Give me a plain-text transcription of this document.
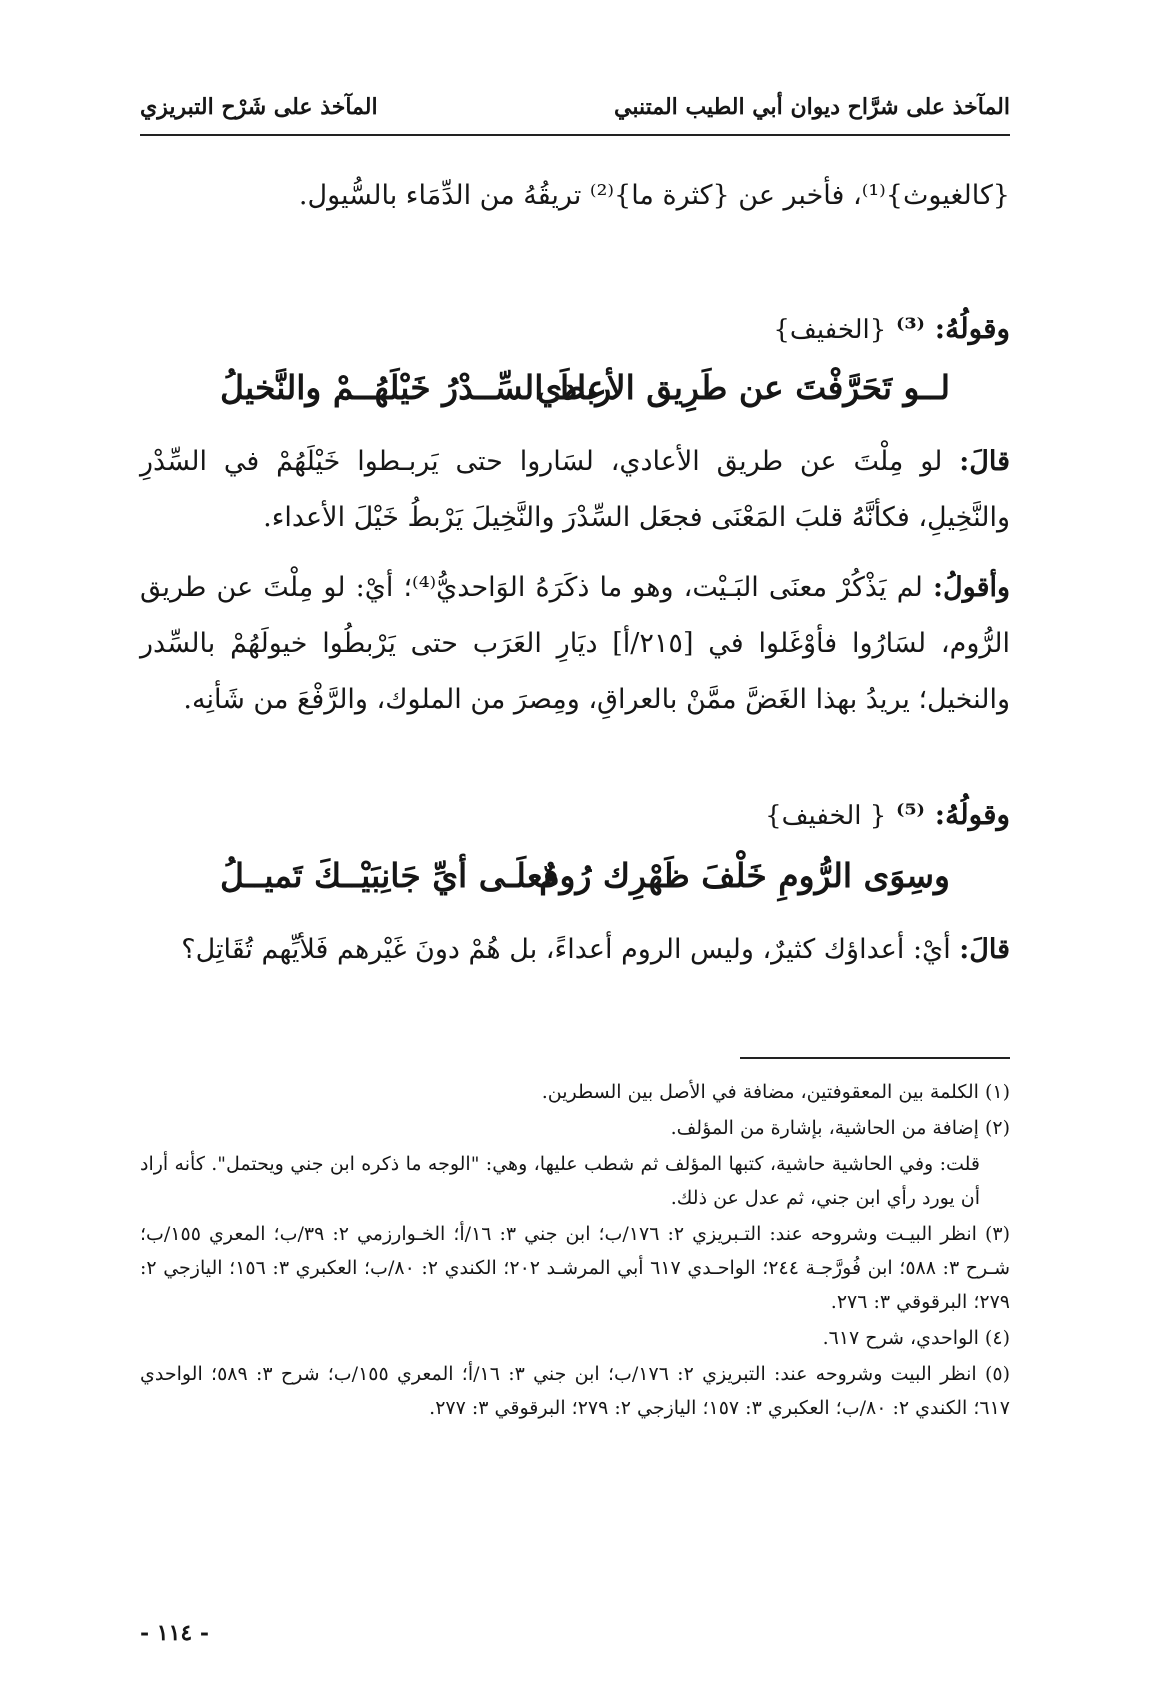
المآخذ على شرَّاح ديوان أبي الطيب المتنبي
المآخذ على شَرْح التبريزي
{كالغيوث}⁽¹⁾، فأخبر عن {كثرة ما}⁽²⁾ تريقُهُ من الدِّمَاء بالسُّيول.
وقولُهُ: ⁽³⁾ {الخفيف}
لــو تَحَرَّفْتَ عن طَرِيق الأعادي
ربطَ السِّــدْرُ خَيْلَهُــمْ والنَّخيلُ
قالَ: لو مِلْتَ عن طريق الأعادي، لسَاروا حتى يَربـطوا خَيْلَهُمْ في السِّدْرِ والنَّخِيلِ، فكأنَّهُ قلبَ المَعْنَى فجعَل السِّدْرَ والنَّخِيلَ يَرْبطُ خَيْلَ الأعداء.
وأقولُ: لم يَذْكُرْ معنَى البَـيْت، وهو ما ذكَرَهُ الوَاحديُّ⁽⁴⁾؛ أيْ: لو مِلْتَ عن طريق الرُّوم، لسَارُوا فأوْغَلوا في [٢١٥/أ] ديَارِ العَرَب حتى يَرْبطُوا خيولَهُمْ بالسِّدر والنخيل؛ يريدُ بهذا الغَضَّ ممَّنْ بالعراقِ، ومِصرَ من الملوك، والرَّفْعَ من شَأنِه.
وقولُهُ: ⁽⁵⁾ { الخفيف}
وسِوَى الرُّومِ خَلْفَ ظَهْرِك رُومٌ
فعلَـى أيِّ جَانِبَيْــكَ تَميــلُ
قالَ: أيْ: أعداؤك كثيرٌ، وليس الروم أعداءً، بل هُمْ دونَ غَيْرهم فَلأيِّهم تُقَاتِل؟

(١) الكلمة بين المعقوفتين، مضافة في الأصل بين السطرين.

(٢) إضافة من الحاشية، بإشارة من المؤلف.

قلت: وفي الحاشية حاشية، كتبها المؤلف ثم شطب عليها، وهي: "الوجه ما ذكره ابن جني ويحتمل". كأنه أراد أن يورد رأي ابن جني، ثم عدل عن ذلك.

(٣) انظر البيـت وشروحه عند: التـبريزي ٢: ١٧٦/ب؛ ابن جني ٣: ١٦/أ؛ الخـوارزمي ٢: ٣٩/ب؛ المعري ١٥٥/ب؛ شـرح ٣: ٥٨٨؛ ابن فُورَّجـة ٢٤٤؛ الواحـدي ٦١٧ أبي المرشـد ٢٠٢؛ الكندي ٢: ٨٠/ب؛ العكبري ٣: ١٥٦؛ اليازجي ٢: ٢٧٩؛ البرقوقي ٣: ٢٧٦.

(٤) الواحدي، شرح ٦١٧.

(٥) انظر البيت وشروحه عند: التبريزي ٢: ١٧٦/ب؛ ابن جني ٣: ١٦/أ؛ المعري ١٥٥/ب؛ شرح ٣: ٥٨٩؛ الواحدي ٦١٧؛ الكندي ٢: ٨٠/ب؛ العكبري ٣: ١٥٧؛ اليازجي ٢: ٢٧٩؛ البرقوقي ٣: ٢٧٧.

- ١١٤ -
